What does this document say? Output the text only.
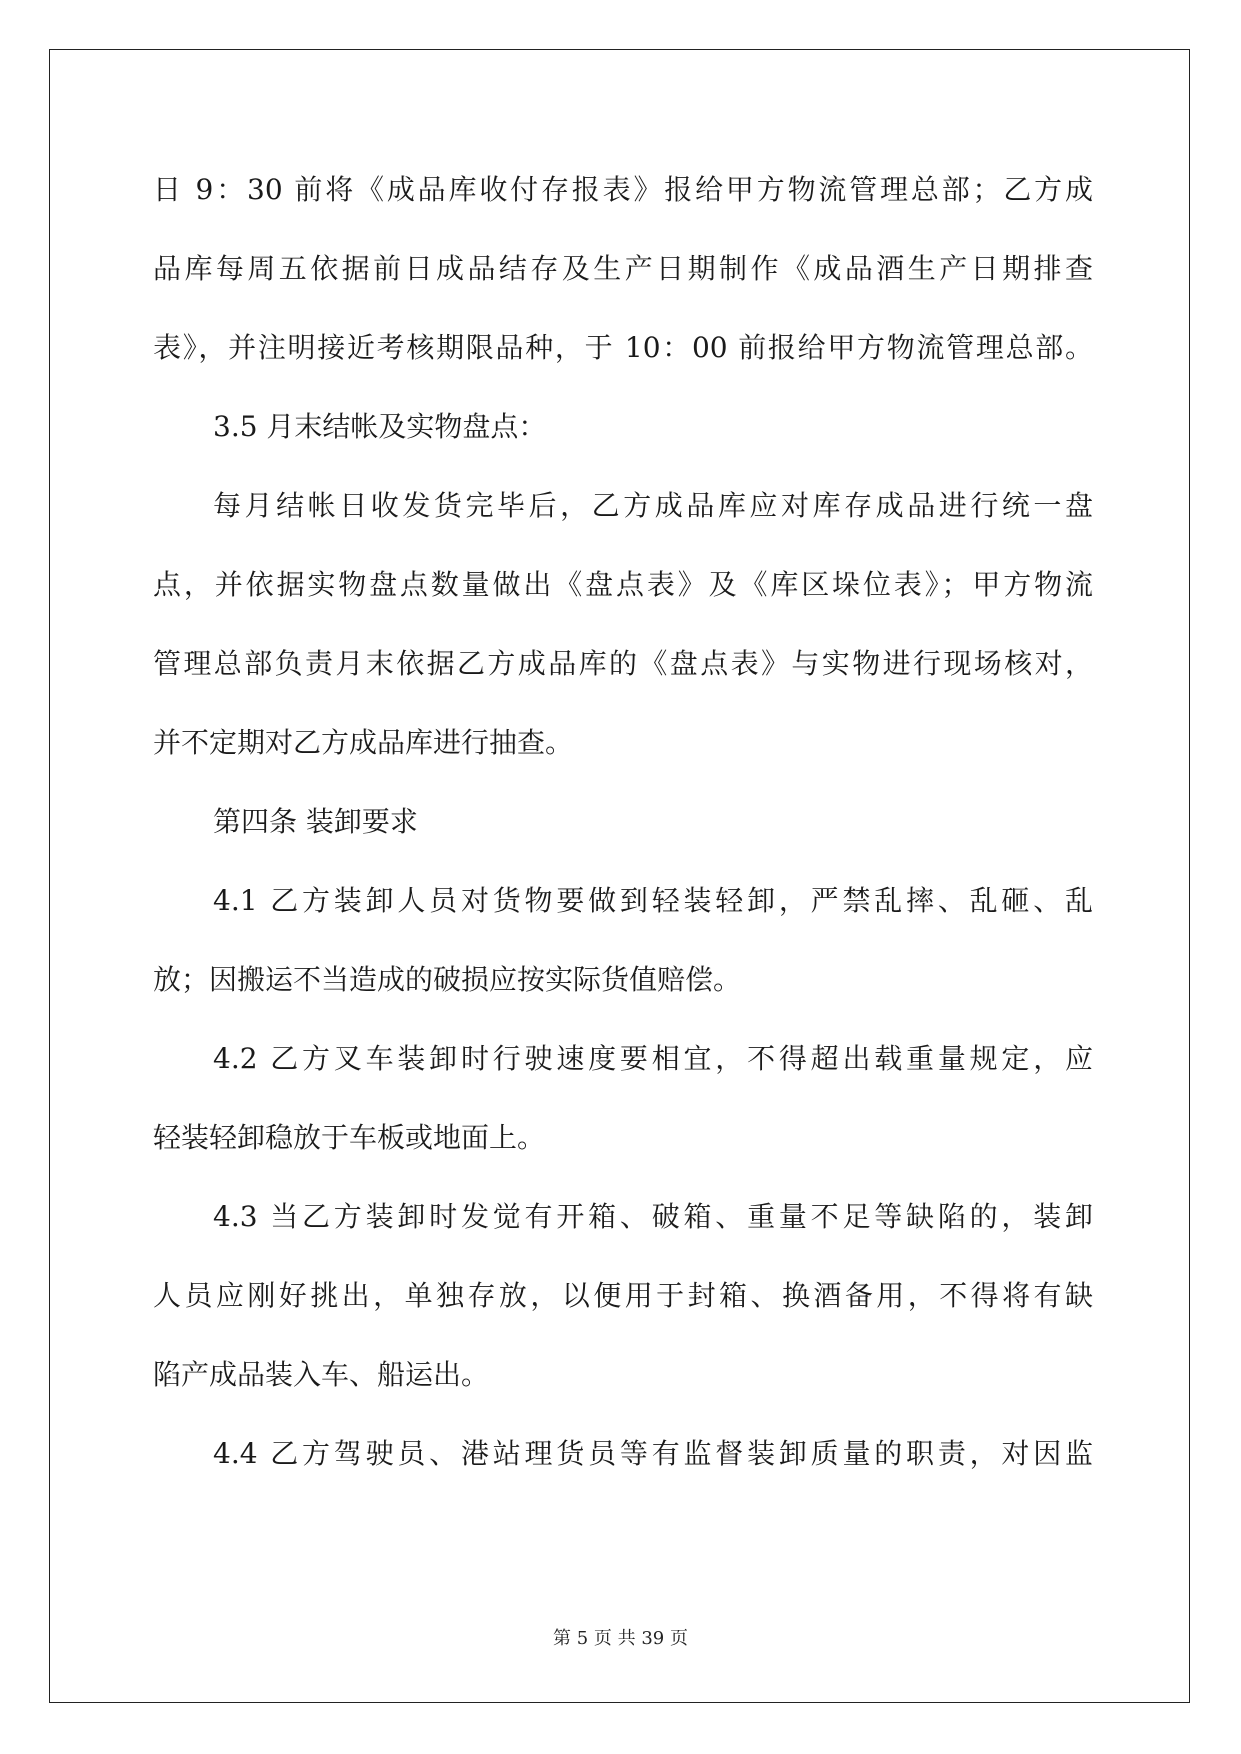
日 9：30 前将《成品库收付存报表》报给甲方物流管理总部；乙方成
品库每周五依据前日成品结存及生产日期制作《成品酒生产日期排查
表》，并注明接近考核期限品种，于 10：00 前报给甲方物流管理总部。
3.5 月末结帐及实物盘点：
每月结帐日收发货完毕后，乙方成品库应对库存成品进行统一盘
点，并依据实物盘点数量做出《盘点表》及《库区垛位表》；甲方物流
管理总部负责月末依据乙方成品库的《盘点表》与实物进行现场核对，
并不定期对乙方成品库进行抽查。
第四条 装卸要求
4.1 乙方装卸人员对货物要做到轻装轻卸，严禁乱摔、乱砸、乱
放；因搬运不当造成的破损应按实际货值赔偿。
4.2 乙方叉车装卸时行驶速度要相宜，不得超出载重量规定，应
轻装轻卸稳放于车板或地面上。
4.3 当乙方装卸时发觉有开箱、破箱、重量不足等缺陷的，装卸
人员应刚好挑出，单独存放，以便用于封箱、换酒备用，不得将有缺
陷产成品装入车、船运出。
4.4 乙方驾驶员、港站理货员等有监督装卸质量的职责，对因监
第 5 页 共 39 页
